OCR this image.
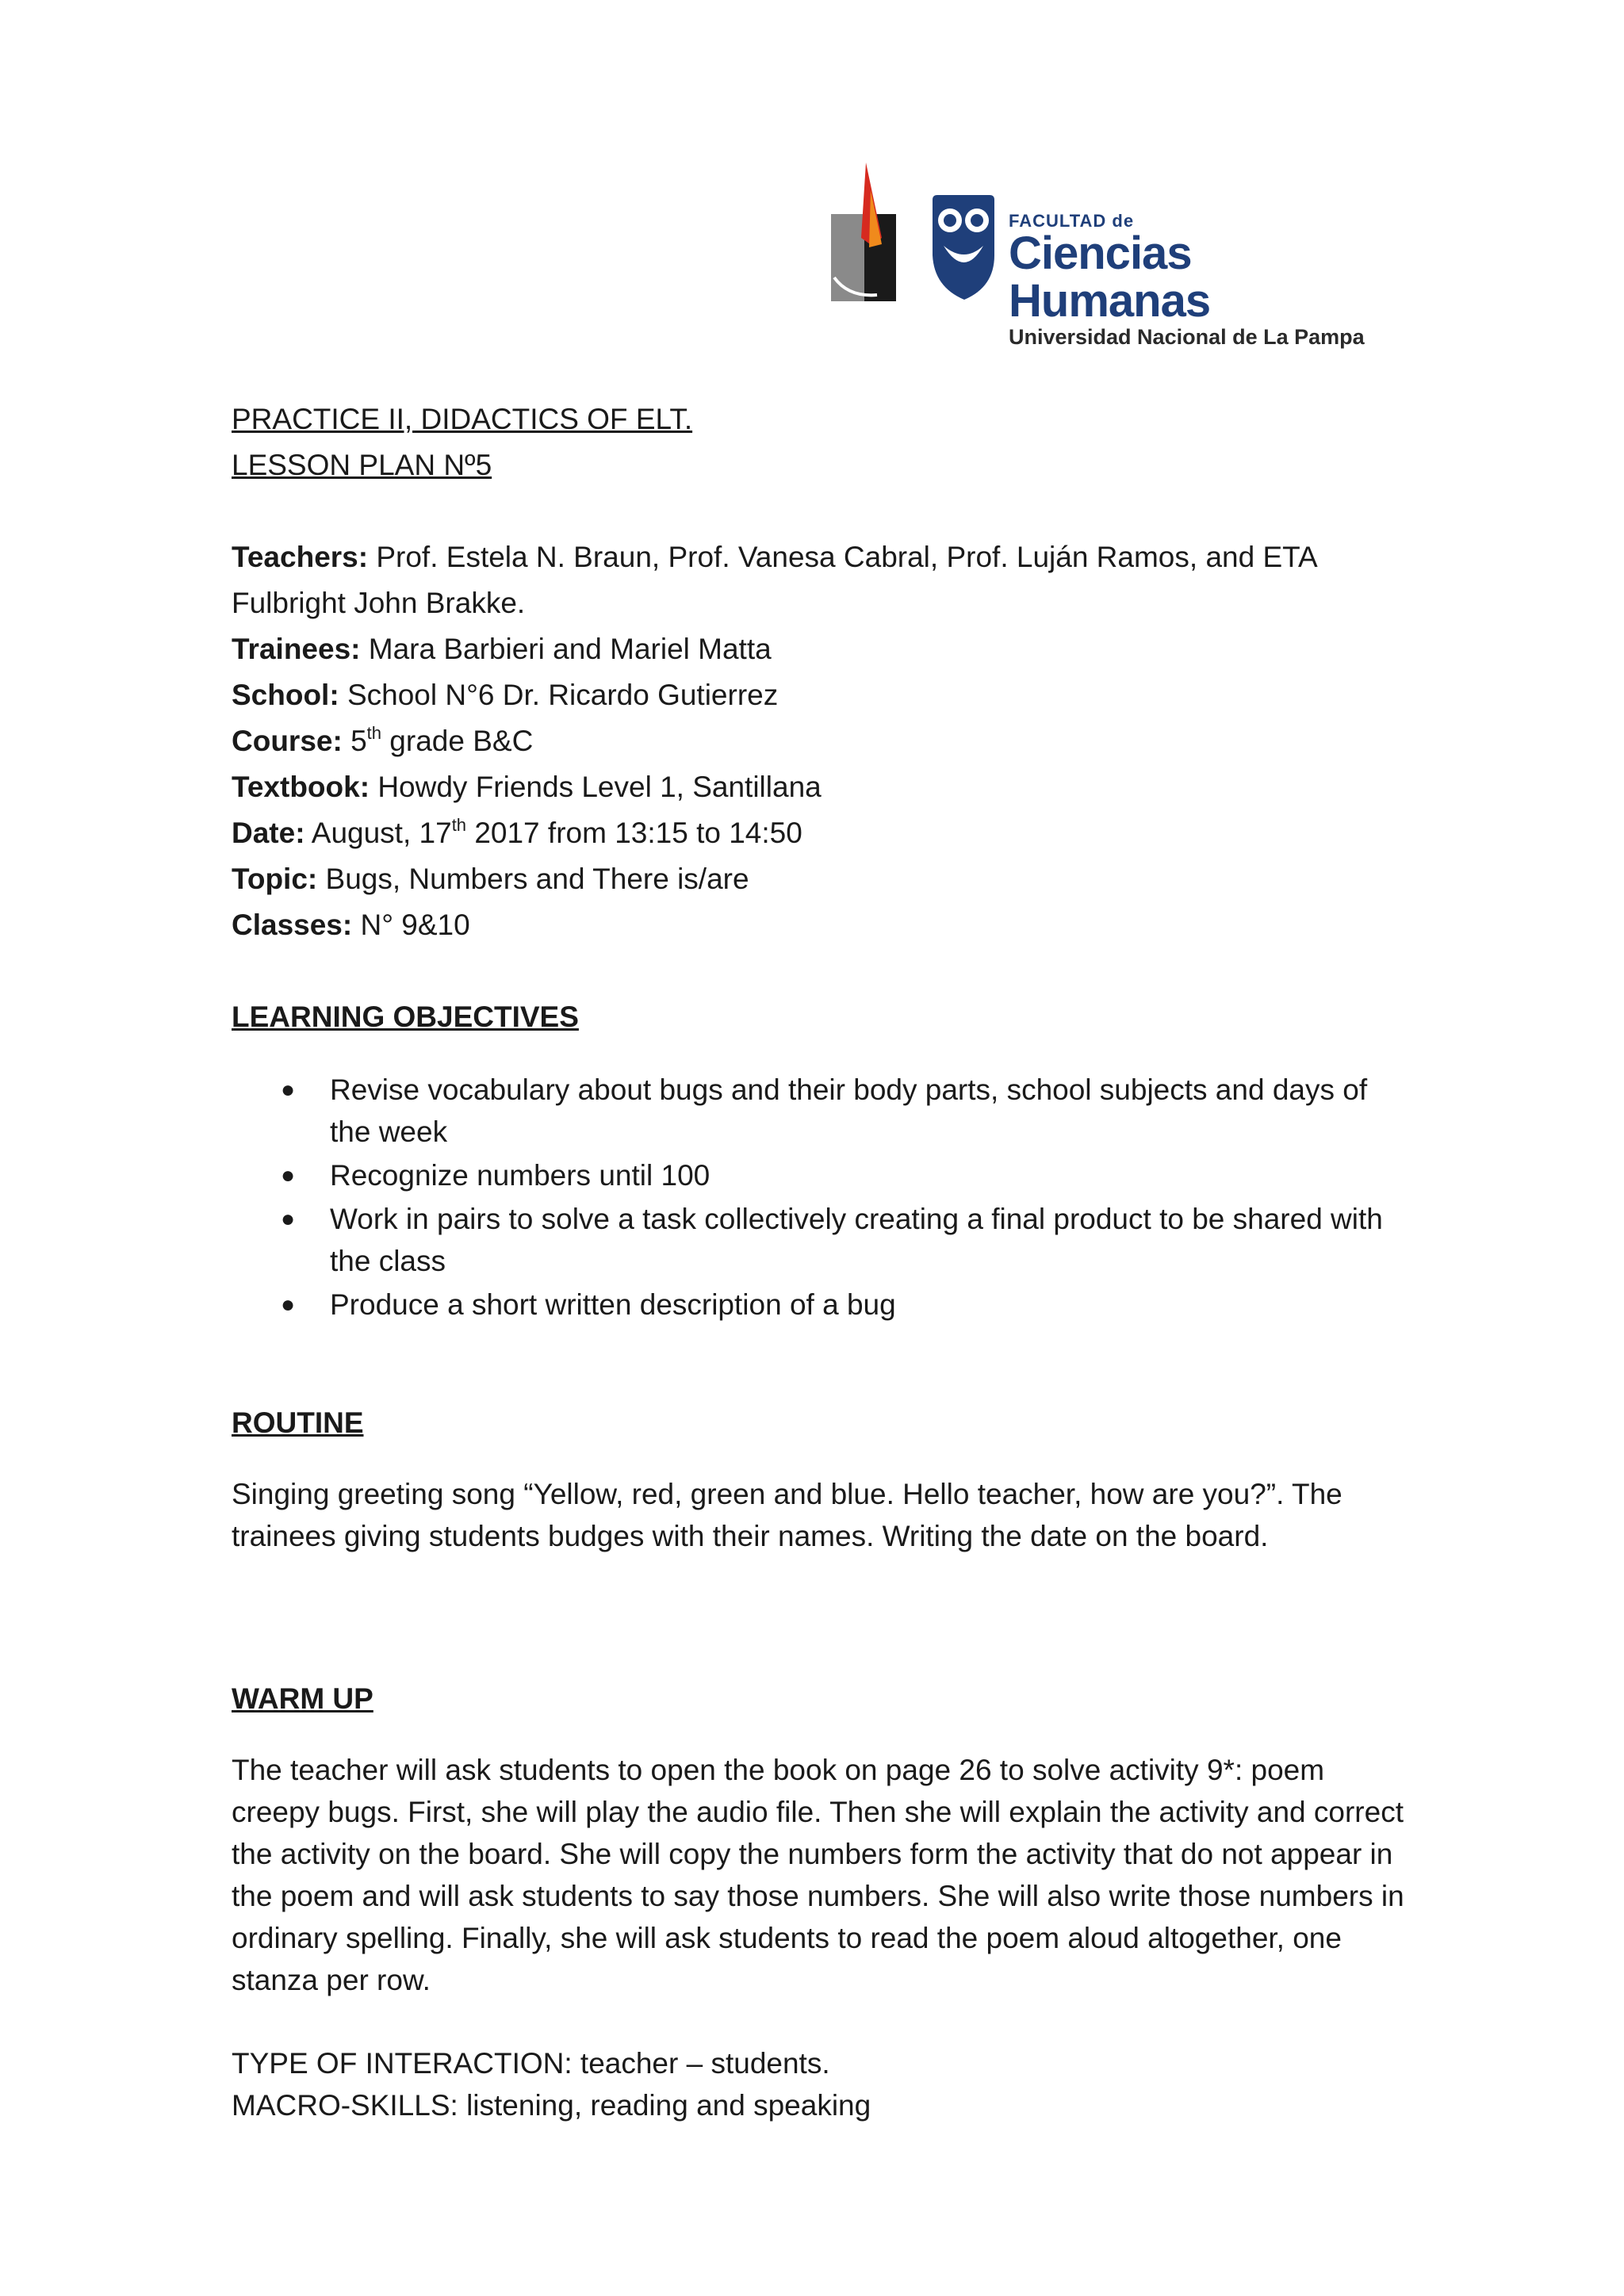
FACULTAD de
Ciencias Humanas
Universidad Nacional de La Pampa

PRACTICE II, DIDACTICS OF ELT.

LESSON PLAN Nº5

Teachers: Prof. Estela N. Braun, Prof. Vanesa Cabral, Prof. Luján Ramos, and ETA

Fulbright John Brakke.

Trainees: Mara Barbieri and Mariel Matta

School: School N°6 Dr. Ricardo Gutierrez

Course: 5th grade B&C

Textbook: Howdy Friends Level 1, Santillana

Date: August, 17th 2017 from 13:15 to 14:50

Topic: Bugs, Numbers and There is/are

Classes: N° 9&10

LEARNING OBJECTIVES

● Revise vocabulary about bugs and their body parts, school subjects and days of the week
● Recognize numbers until 100
● Work in pairs to solve a task collectively creating a final product to be shared with the class
● Produce a short written description of a bug

ROUTINE

Singing greeting song “Yellow, red, green and blue. Hello teacher, how are you?”. The trainees giving students budges with their names. Writing the date on the board.

WARM UP

The teacher will ask students to open the book on page 26 to solve activity 9*: poem creepy bugs. First, she will play the audio file. Then she will explain the activity and correct the activity on the board. She will copy the numbers form the activity that do not appear in the poem and will ask students to say those numbers. She will also write those numbers in ordinary spelling. Finally, she will ask students to read the poem aloud altogether, one stanza per row.

TYPE OF INTERACTION: teacher – students.

MACRO-SKILLS: listening, reading and speaking
